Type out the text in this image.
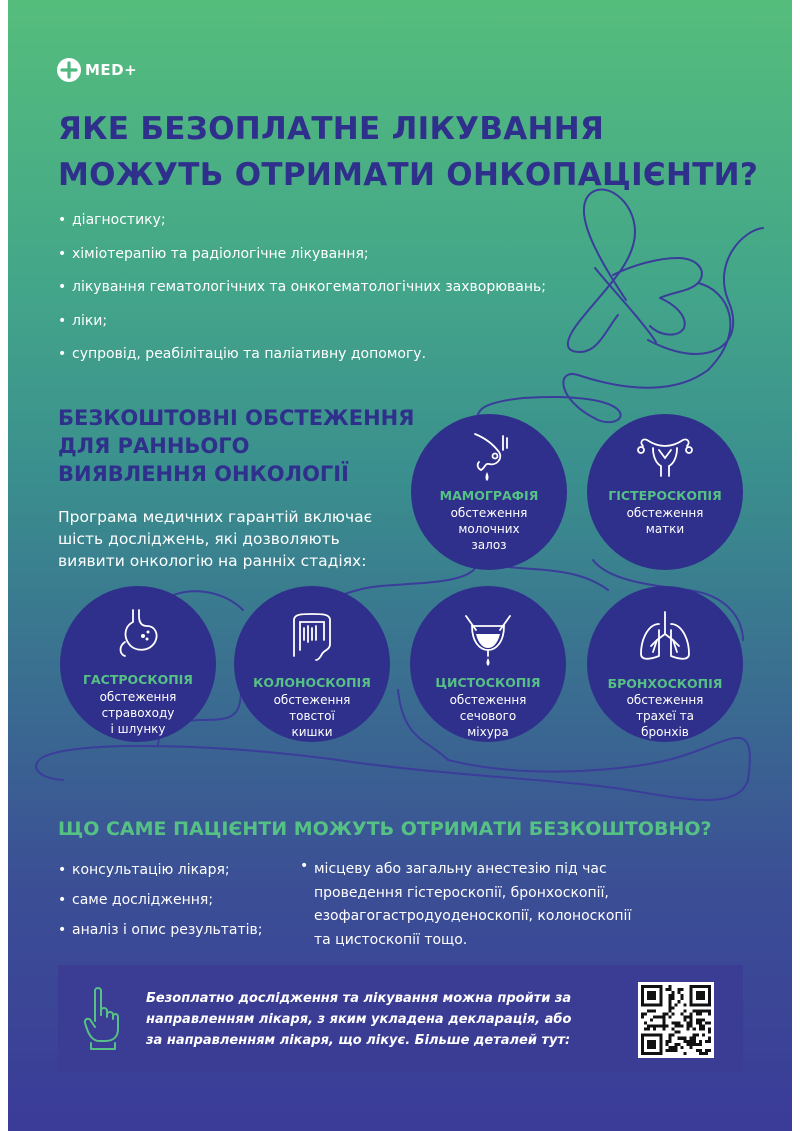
MED+
ЯКЕ БЕЗОПЛАТНЕ ЛІКУВАННЯ
МОЖУТЬ ОТРИМАТИ ОНКОПАЦІЄНТИ?
• діагностику;
• хіміотерапію та радіологічне лікування;
• лікування гематологічних та онкогематологічних захворювань;
• ліки;
• супровід, реабілітацію та паліативну допомогу.
БЕЗКОШТОВНІ ОБСТЕЖЕННЯ
ДЛЯ РАННЬОГО
ВИЯВЛЕННЯ ОНКОЛОГІЇ

Програма медичних гарантій включає
шість досліджень, які дозволяють
виявити онкологію на ранніх стадіях:

МАМОГРАФІЯ
обстеження
молочних
залоз
ГІСТЕРОСКОПІЯ
обстеження
матки
ГАСТРОСКОПІЯ
обстеження
стравоходу
і шлунку
КОЛОНОСКОПІЯ
обстеження
товстої
кишки
ЦИСТОСКОПІЯ
обстеження
сечового
міхура
БРОНХОСКОПІЯ
обстеження
трахеї та
бронхів
ЩО САМЕ ПАЦІЄНТИ МОЖУТЬ ОТРИМАТИ БЕЗКОШТОВНО?
• консультацію лікаря;
• саме дослідження;
• аналіз і опис результатів;
• місцеву або загальну анестезію під час
проведення гістероскопії, бронхоскопії,
езофагогастродуоденоскопії, колоноскопії
та цистоскопії тощо.

Безоплатно дослідження та лікування можна пройти за
направленням лікаря, з яким укладена декларація, або
за направленням лікаря, що лікує. Більше деталей тут:
